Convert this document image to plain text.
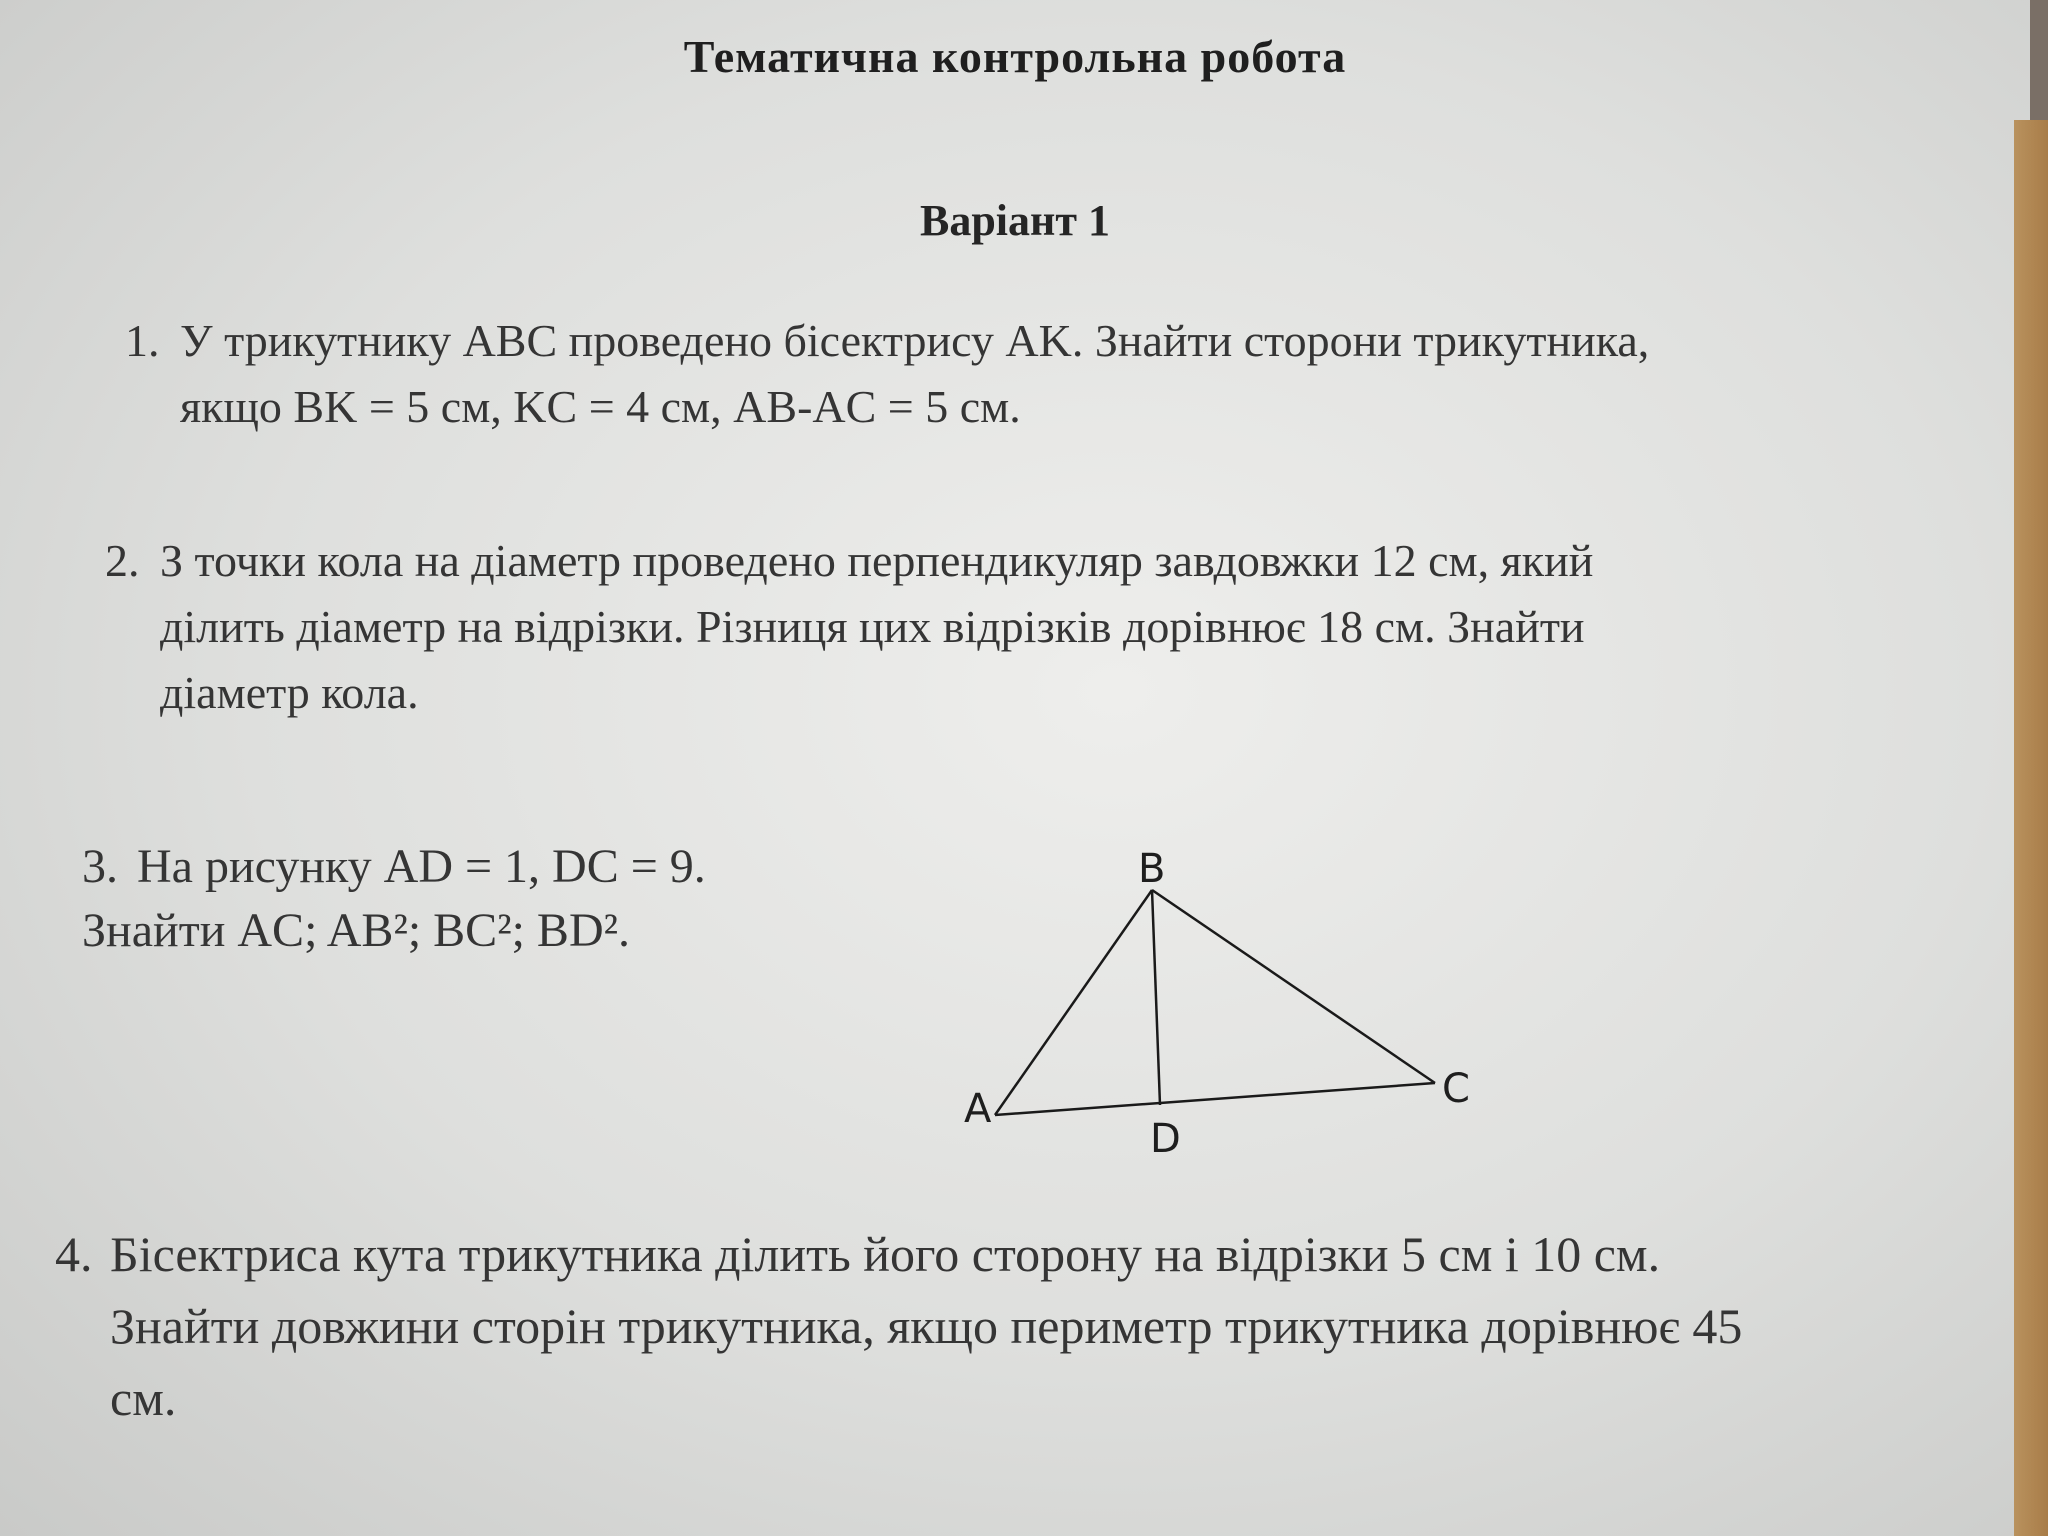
Тематична контрольна робота
Варіант 1
1. У трикутнику ABC проведено бісектрису AK. Знайти сторони трикутника,
якщо BK = 5 см, KC = 4 см, AB-AC = 5 см.
2. З точки кола на діаметр проведено перпендикуляр завдовжки 12 см, який
ділить діаметр на відрізки. Різниця цих відрізків дорівнює 18 см. Знайти
діаметр кола.
3. На рисунку AD = 1, DC = 9.
Знайти AC; AB²; BC²; BD².
4. Бісектриса кута трикутника ділить його сторону на відрізки 5 см і 10 см.
Знайти довжини сторін трикутника, якщо периметр трикутника дорівнює 45
см.
B
A	C
D
